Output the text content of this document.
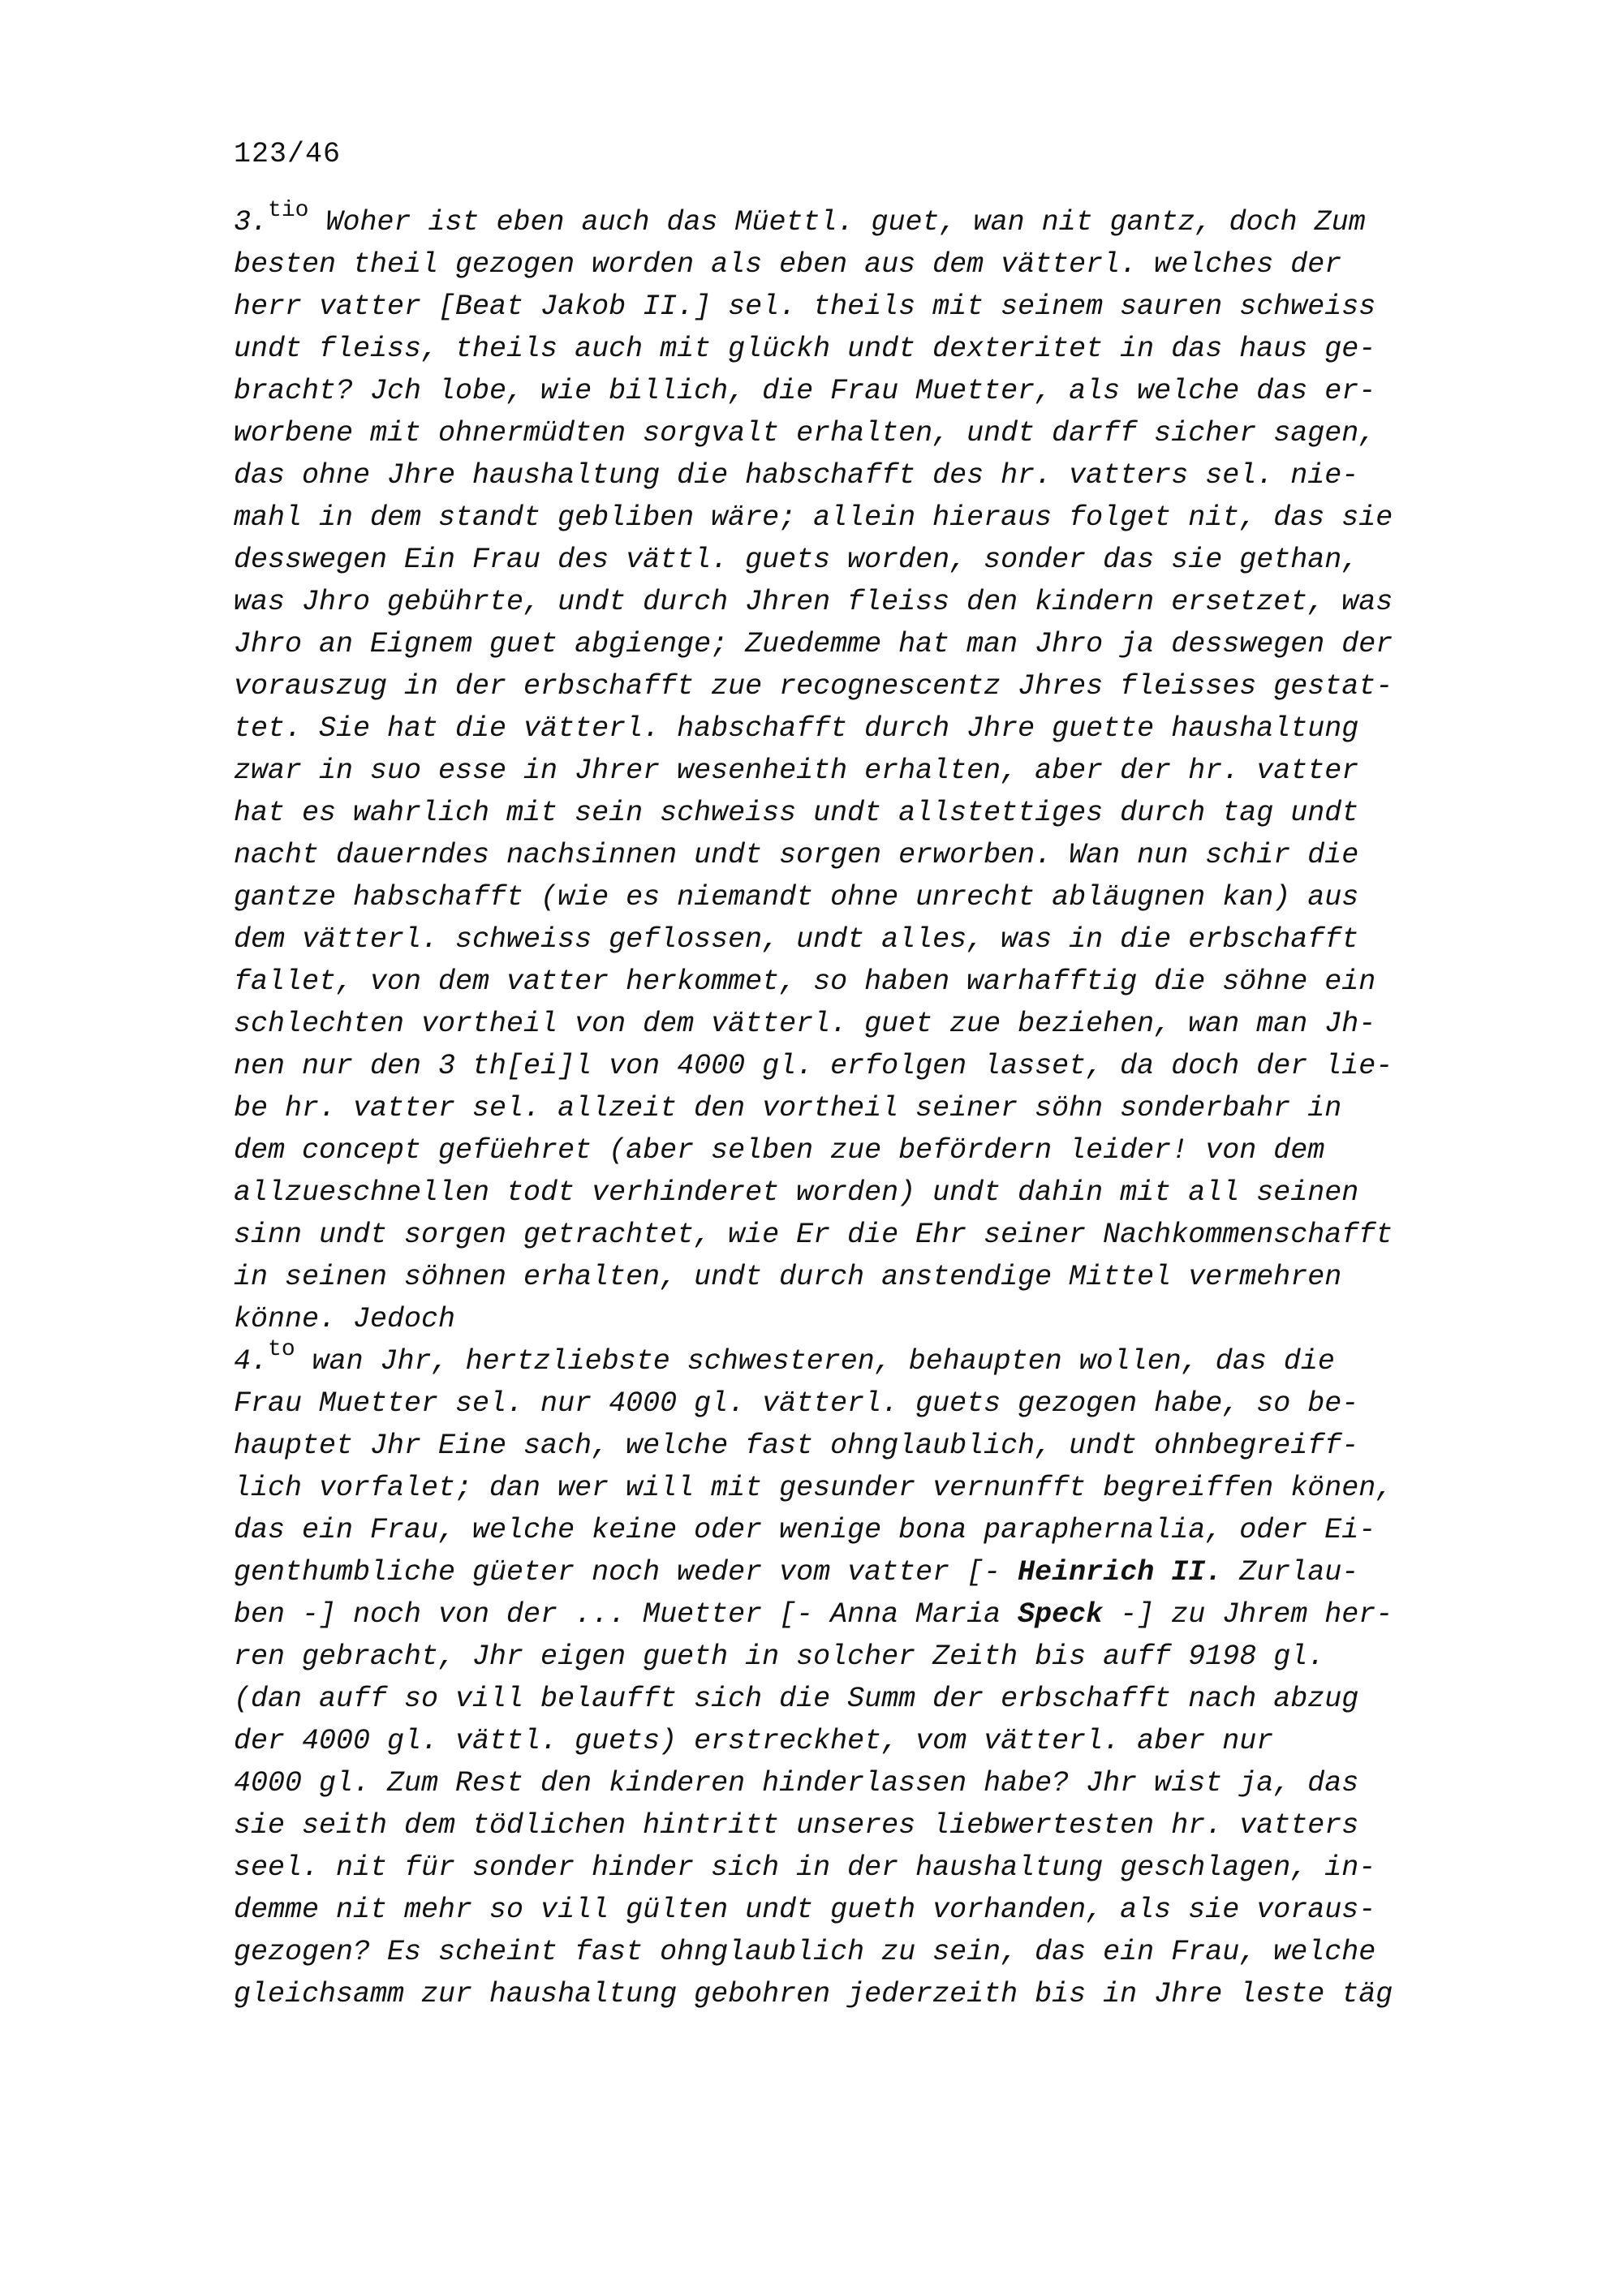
123/46
3.$^{tio}$ Woher ist eben auch das Müettl. guet, wan nit gantz, doch Zum
besten theil gezogen worden als eben aus dem vätterl. welches der
herr vatter [Beat Jakob II.] sel. theils mit seinem sauren schweiss
undt fleiss, theils auch mit glückh undt dexteritet in das haus ge-
bracht? Jch lobe, wie billich, die Frau Muetter, als welche das er-
worbene mit ohnermüdten sorgvalt erhalten, undt darff sicher sagen,
das ohne Jhre haushaltung die habschafft des hr. vatters sel. nie-
mahl in dem standt gebliben wäre; allein hieraus folget nit, das sie
desswegen Ein Frau des vättl. guets worden, sonder das sie gethan,
was Jhro gebührte, undt durch Jhren fleiss den kindern ersetzet, was
Jhro an Eignem guet abgienge; Zuedemme hat man Jhro ja desswegen der
vorauszug in der erbschafft zue recognescentz Jhres fleisses gestat-
tet. Sie hat die vätterl. habschafft durch Jhre guette haushaltung
zwar in suo esse in Jhrer wesenheith erhalten, aber der hr. vatter
hat es wahrlich mit sein schweiss undt allstettiges durch tag undt
nacht dauerndes nachsinnen undt sorgen erworben. Wan nun schir die
gantze habschafft (wie es niemandt ohne unrecht abläugnen kan) aus
dem vätterl. schweiss geflossen, undt alles, was in die erbschafft
fallet, von dem vatter herkommet, so haben warhafftig die söhne ein
schlechten vortheil von dem vätterl. guet zue beziehen, wan man Jh-
nen nur den 3 th[ei]l von 4000 gl. erfolgen lasset, da doch der lie-
be hr. vatter sel. allzeit den vortheil seiner söhn sonderbahr in
dem concept gefüehret (aber selben zue befördern leider! von dem
allzueschnellen todt verhinderet worden) undt dahin mit all seinen
sinn undt sorgen getrachtet, wie Er die Ehr seiner Nachkommenschafft
in seinen söhnen erhalten, undt durch anstendige Mittel vermehren
könne. Jedoch
4.$^{to}$ wan Jhr, hertzliebste schwesteren, behaupten wollen, das die
Frau Muetter sel. nur 4000 gl. vätterl. guets gezogen habe, so be-
hauptet Jhr Eine sach, welche fast ohnglaublich, undt ohnbegreiff-
lich vorfalet; dan wer will mit gesunder vernunfft begreiffen könen,
das ein Frau, welche keine oder wenige bona paraphernalia, oder Ei-
genthumbliche güeter noch weder vom vatter [- Heinrich II. Zurlau-
ben -] noch von der ... Muetter [- Anna Maria Speck -] zu Jhrem her-
ren gebracht, Jhr eigen gueth in solcher Zeith bis auff 9198 gl.
(dan auff so vill belaufft sich die Summ der erbschafft nach abzug
der 4000 gl. vättl. guets) erstreckhet, vom vätterl. aber nur
4000 gl. Zum Rest den kinderen hinderlassen habe? Jhr wist ja, das
sie seith dem tödlichen hintritt unseres liebwertesten hr. vatters
seel. nit für sonder hinder sich in der haushaltung geschlagen, in-
demme nit mehr so vill gülten undt gueth vorhanden, als sie voraus-
gezogen? Es scheint fast ohnglaublich zu sein, das ein Frau, welche
gleichsamm zur haushaltung gebohren jederzeith bis in Jhre leste täg
